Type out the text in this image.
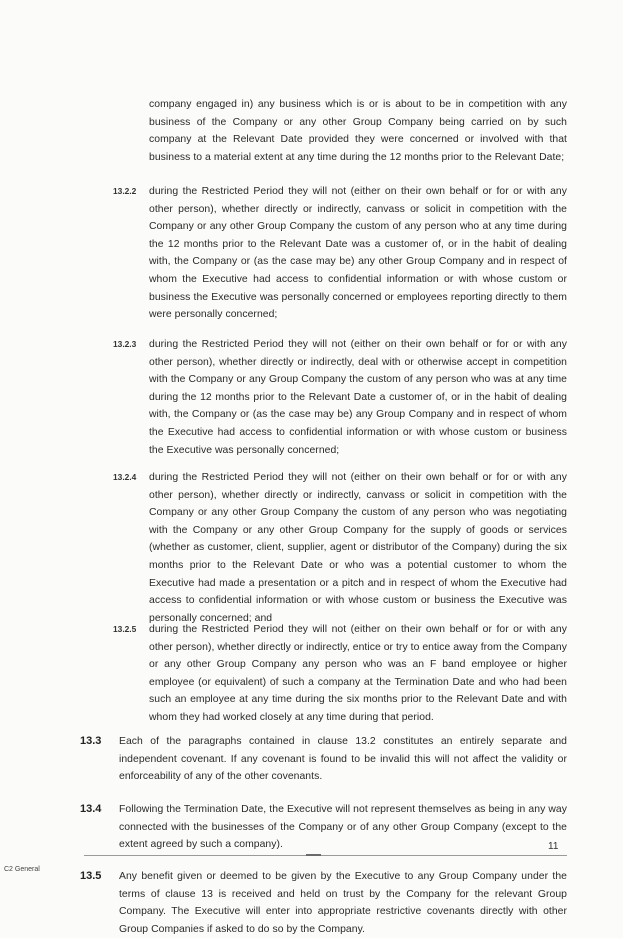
company engaged in) any business which is or is about to be in competition with any business of the Company or any other Group Company being carried on by such company at the Relevant Date provided they were concerned or involved with that business to a material extent at any time during the 12 months prior to the Relevant Date;
13.2.2 during the Restricted Period they will not (either on their own behalf or for or with any other person), whether directly or indirectly, canvass or solicit in competition with the Company or any other Group Company the custom of any person who at any time during the 12 months prior to the Relevant Date was a customer of, or in the habit of dealing with, the Company or (as the case may be) any other Group Company and in respect of whom the Executive had access to confidential information or with whose custom or business the Executive was personally concerned or employees reporting directly to them were personally concerned;
13.2.3 during the Restricted Period they will not (either on their own behalf or for or with any other person), whether directly or indirectly, deal with or otherwise accept in competition with the Company or any Group Company the custom of any person who was at any time during the 12 months prior to the Relevant Date a customer of, or in the habit of dealing with, the Company or (as the case may be) any Group Company and in respect of whom the Executive had access to confidential information or with whose custom or business the Executive was personally concerned;
13.2.4 during the Restricted Period they will not (either on their own behalf or for or with any other person), whether directly or indirectly, canvass or solicit in competition with the Company or any other Group Company the custom of any person who was negotiating with the Company or any other Group Company for the supply of goods or services (whether as customer, client, supplier, agent or distributor of the Company) during the six months prior to the Relevant Date or who was a potential customer to whom the Executive had made a presentation or a pitch and in respect of whom the Executive had access to confidential information or with whose custom or business the Executive was personally concerned; and
13.2.5 during the Restricted Period they will not (either on their own behalf or for or with any other person), whether directly or indirectly, entice or try to entice away from the Company or any other Group Company any person who was an F band employee or higher employee (or equivalent) of such a company at the Termination Date and who had been such an employee at any time during the six months prior to the Relevant Date and with whom they had worked closely at any time during that period.
13.3 Each of the paragraphs contained in clause 13.2 constitutes an entirely separate and independent covenant. If any covenant is found to be invalid this will not affect the validity or enforceability of any of the other covenants.
13.4 Following the Termination Date, the Executive will not represent themselves as being in any way connected with the businesses of the Company or of any other Group Company (except to the extent agreed by such a company).
13.5 Any benefit given or deemed to be given by the Executive to any Group Company under the terms of clause 13 is received and held on trust by the Company for the relevant Group Company. The Executive will enter into appropriate restrictive covenants directly with other Group Companies if asked to do so by the Company.
11
C2 General
